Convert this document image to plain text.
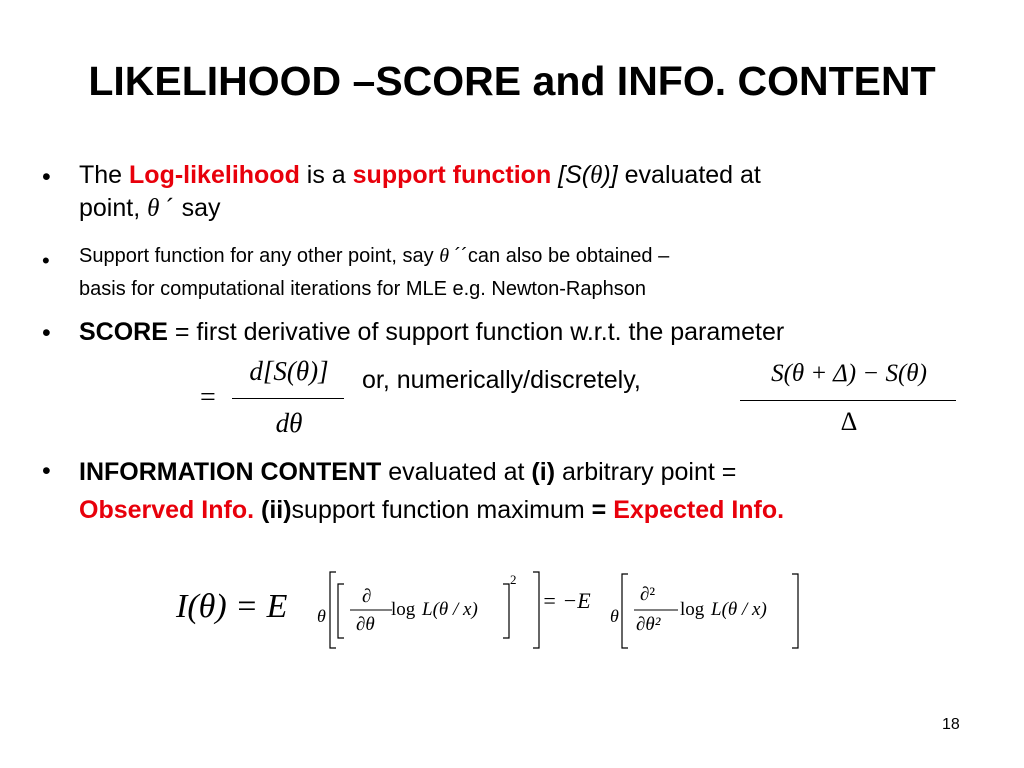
LIKELIHOOD –SCORE and INFO. CONTENT
• The Log-likelihood is a support function [S(θ)] evaluated at
point, θ ´ say
• Support function for any other point, say θ ´´can also be obtained –
basis for computational iterations for MLE e.g. Newton-Raphson
• SCORE = first derivative of support function w.r.t. the parameter
=
d[S(θ)]
dθ
or, numerically/discretely,	S(θ + Δ) − S(θ)
Δ
• INFORMATION CONTENT evaluated at (i) arbitrary point =
Observed Info. (ii)support function maximum = Expected Info.
I(θ) = E θ
∂
∂θ
log L(θ / x)
2
= −E
θ
∂²
∂θ²
log L(θ / x)
18
